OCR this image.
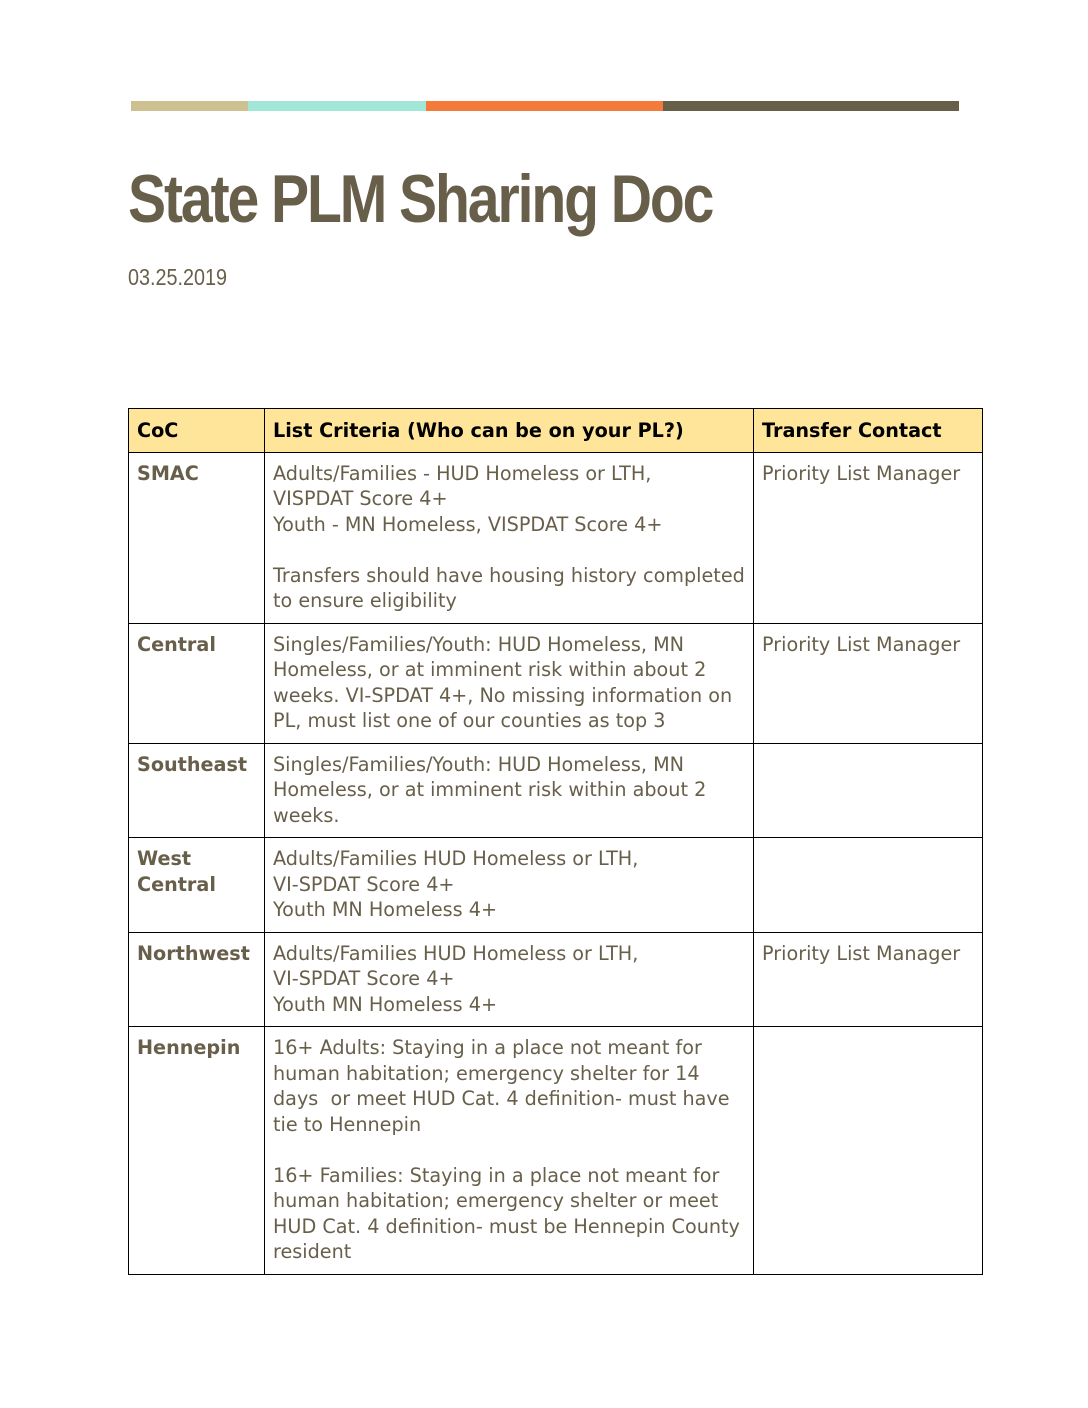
State PLM Sharing Doc
03.25.2019
CoC	List Criteria (Who can be on your PL?)	Transfer Contact
SMAC	Adults/Families - HUD Homeless or LTH,
VISPDAT Score 4+
Youth - MN Homeless, VISPDAT Score 4+
Transfers should have housing history completed to ensure eligibility	Priority List Manager
Central	Singles/Families/Youth: HUD Homeless, MN Homeless, or at imminent risk within about 2 weeks. VI-SPDAT 4+, No missing information on PL, must list one of our counties as top 3	Priority List Manager
Southeast	Singles/Families/Youth: HUD Homeless, MN Homeless, or at imminent risk within about 2 weeks.	

West Central	Adults/Families HUD Homeless or LTH,
VI-SPDAT Score 4+
Youth MN Homeless 4+	

Northwest	Adults/Families HUD Homeless or LTH,
VI-SPDAT Score 4+
Youth MN Homeless 4+	Priority List Manager
Hennepin	16+ Adults: Staying in a place not meant for human habitation; emergency shelter for 14 days  or meet HUD Cat. 4 definition- must have tie to Hennepin
16+ Families: Staying in a place not meant for human habitation; emergency shelter or meet HUD Cat. 4 definition- must be Hennepin County resident	
